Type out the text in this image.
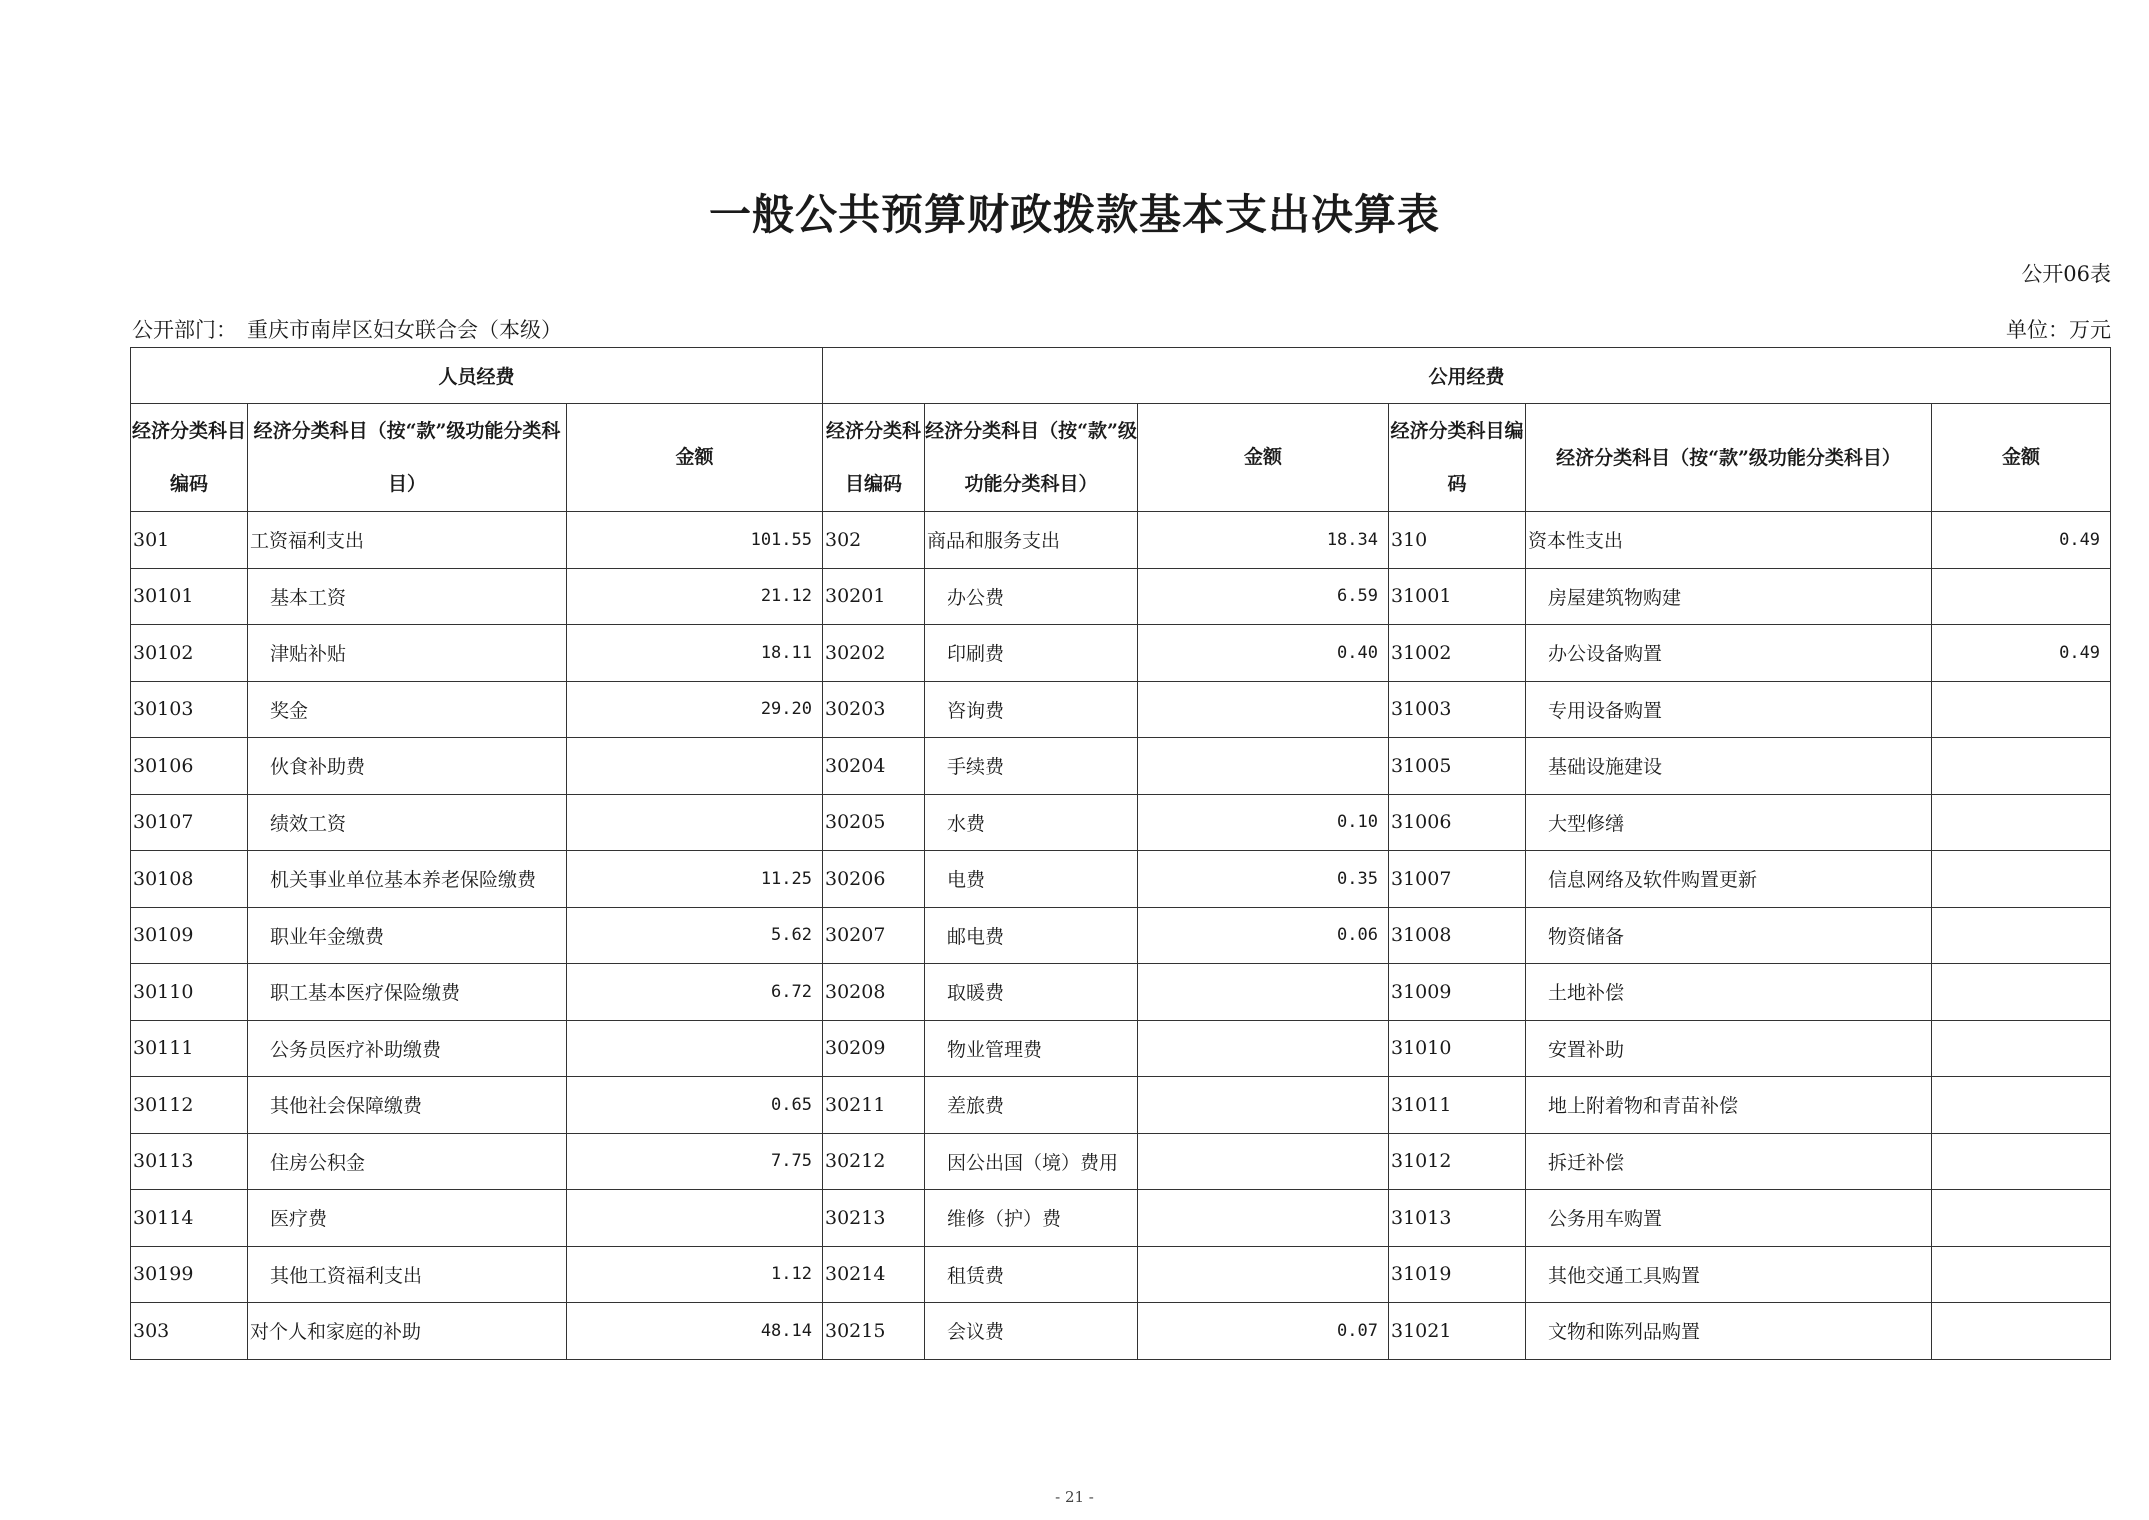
一般公共预算财政拨款基本支出决算表
公开06表
公开部门： 重庆市南岸区妇女联合会（本级）	单位：万元
人员经费			公用经费					
经济分类科目编码	经济分类科目（按“款”级功能分类科目）	金额	经济分类科目编码	经济分类科目（按“款”级功能分类科目）	金额	经济分类科目编码	经济分类科目（按“款”级功能分类科目）	金额
301	工资福利支出	101.55	302	商品和服务支出	18.34	310	资本性支出	0.49
30101	基本工资	21.12	30201	办公费	6.59	31001	房屋建筑物购建	
30102	津贴补贴	18.11	30202	印刷费	0.40	31002	办公设备购置	0.49
30103	奖金	29.20	30203	咨询费		31003	专用设备购置	
30106	伙食补助费		30204	手续费		31005	基础设施建设	
30107	绩效工资		30205	水费	0.10	31006	大型修缮	
30108	机关事业单位基本养老保险缴费	11.25	30206	电费	0.35	31007	信息网络及软件购置更新	
30109	职业年金缴费	5.62	30207	邮电费	0.06	31008	物资储备	
30110	职工基本医疗保险缴费	6.72	30208	取暖费		31009	土地补偿	
30111	公务员医疗补助缴费		30209	物业管理费		31010	安置补助	
30112	其他社会保障缴费	0.65	30211	差旅费		31011	地上附着物和青苗补偿	
30113	住房公积金	7.75	30212	因公出国（境）费用		31012	拆迁补偿	
30114	医疗费		30213	维修（护）费		31013	公务用车购置	
30199	其他工资福利支出	1.12	30214	租赁费		31019	其他交通工具购置	
303	对个人和家庭的补助	48.14	30215	会议费	0.07	31021	文物和陈列品购置	
- 21 -
